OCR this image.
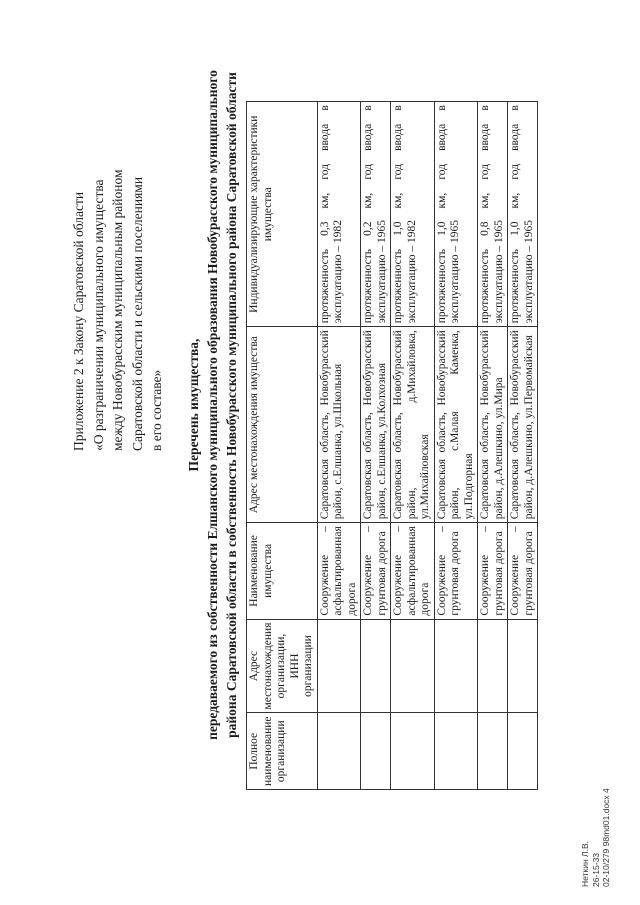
Приложение 2 к Закону Саратовской области «О разграничении муниципального имущества между Новобурасским муниципальным районом Саратовской области и сельскими поселениями в его составе» Перечень имущества, передаваемого из собственности Елшанского муниципального образования Новобурасского муниципального района Саратовской области в собственность Новобурасского муниципального района Саратовской области
Полное наименование организации	Адрес местонахождения организации, ИНН организации	Наименование имущества	Адрес местонахождения имущества	Индивидуализирующие характеристики имущества
		Сооружение – асфальтированная дорога	Саратовская область, Новобурасский район, с.Елшанка, ул.Школьная	протяженность 0,3 км, год ввода в эксплуатацию – 1982
		Сооружение – грунтовая дорога	Саратовская область, Новобурасский район, с.Елшанка, ул.Колхозная	протяженность 0,2 км, год ввода в эксплуатацию – 1965
		Сооружение – асфальтированная дорога	Саратовская область, Новобурасский район, д.Михайловка, ул.Михайловская	протяженность 1,0 км, год ввода в эксплуатацию – 1982
		Сооружение – грунтовая дорога	Саратовская область, Новобурасский район, с.Малая Каменка, ул.Подгорная	протяженность 1,0 км, год ввода в эксплуатацию – 1965
		Сооружение – грунтовая дорога	Саратовская область, Новобурасский район, д.Алешкино, ул.Мира	протяженность 0,8 км, год ввода в эксплуатацию – 1965
		Сооружение – грунтовая дорога	Саратовская область, Новобурасский район, д.Алешкино, ул.Первомайская	протяженность 1,0 км, год ввода в эксплуатацию – 1965
Неткин Л.В. 26-15-33 02-10/279 98md01.docx 4
